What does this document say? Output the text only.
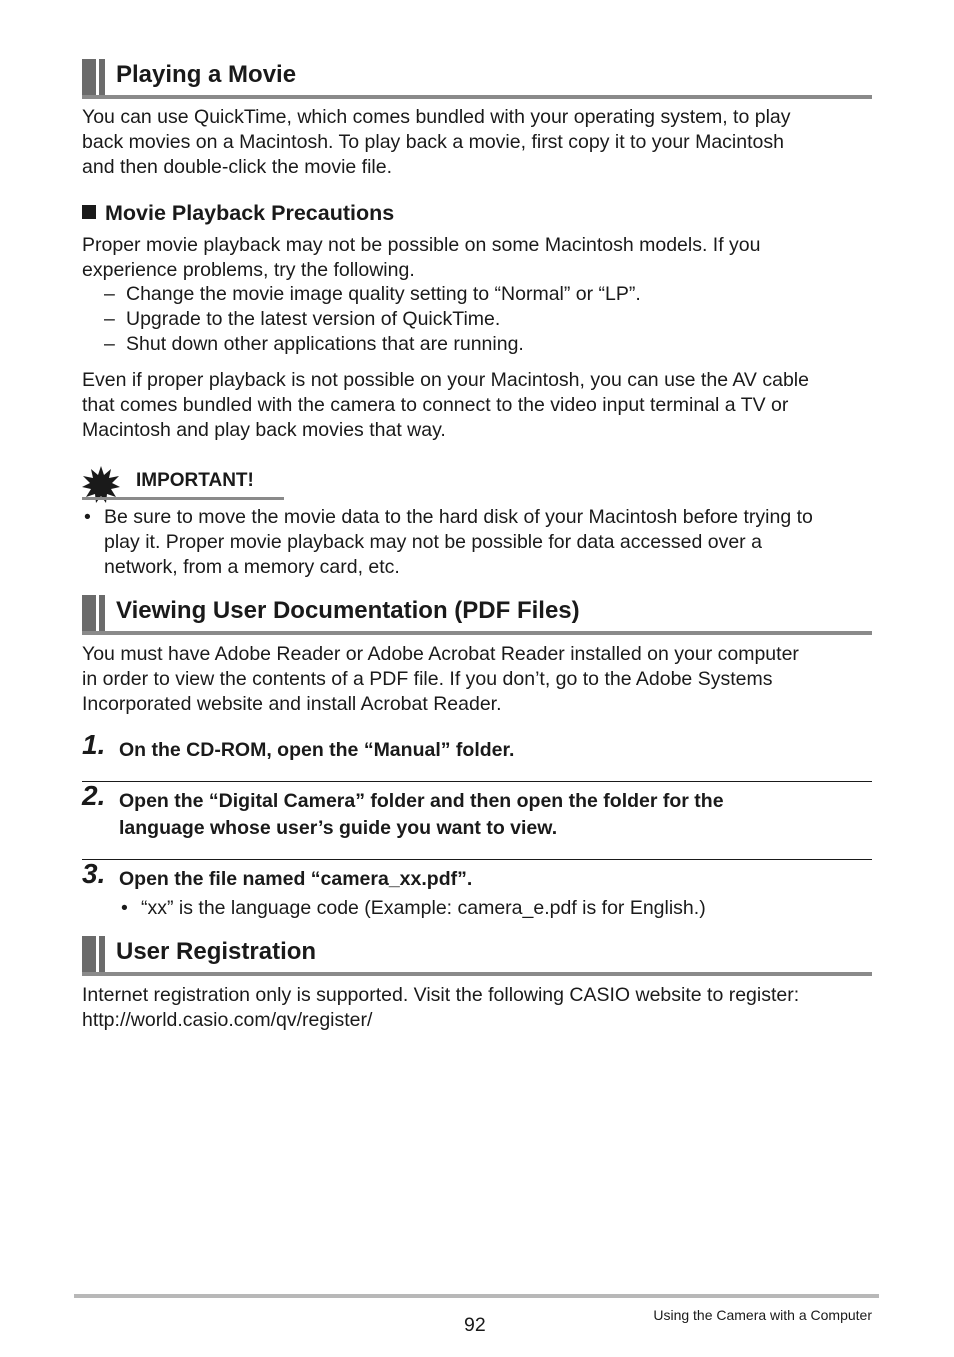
Playing a Movie
You can use QuickTime, which comes bundled with your operating system, to play
back movies on a Macintosh. To play back a movie, first copy it to your Macintosh
and then double-click the movie file.
Movie Playback Precautions
Proper movie playback may not be possible on some Macintosh models. If you
experience problems, try the following.
– Change the movie image quality setting to “Normal” or “LP”.
– Upgrade to the latest version of QuickTime.
– Shut down other applications that are running.
Even if proper playback is not possible on your Macintosh, you can use the AV cable
that comes bundled with the camera to connect to the video input terminal a TV or
Macintosh and play back movies that way.
IMPORTANT!
• Be sure to move the movie data to the hard disk of your Macintosh before trying to
play it. Proper movie playback may not be possible for data accessed over a
network, from a memory card, etc.
Viewing User Documentation (PDF Files)
You must have Adobe Reader or Adobe Acrobat Reader installed on your computer
in order to view the contents of a PDF file. If you don’t, go to the Adobe Systems
Incorporated website and install Acrobat Reader.
1. On the CD-ROM, open the “Manual” folder.
2. Open the “Digital Camera” folder and then open the folder for the
language whose user’s guide you want to view.
3. Open the file named “camera_xx.pdf”.
• “xx” is the language code (Example: camera_e.pdf is for English.)
User Registration
Internet registration only is supported. Visit the following CASIO website to register:
http://world.casio.com/qv/register/
92	Using the Camera with a Computer
